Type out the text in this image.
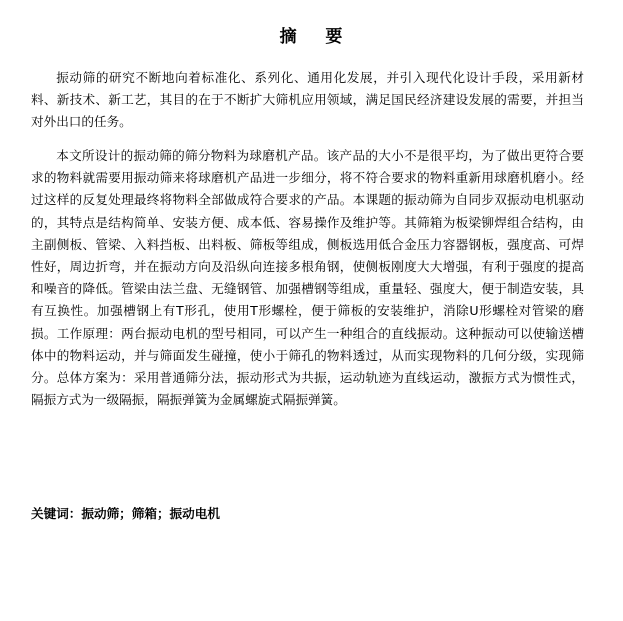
摘    要

振动筛的研究不断地向着标准化、系列化、通用化发展，并引入现代化设计手段，采用新材料、新技术、新工艺，其目的在于不断扩大筛机应用领域，满足国民经济建设发展的需要，并担当对外出口的任务。

本文所设计的振动筛的筛分物料为球磨机产品。该产品的大小不是很平均，为了做出更符合要求的物料就需要用振动筛来将球磨机产品进一步细分，将不符合要求的物料重新用球磨机磨小。经过这样的反复处理最终将物料全部做成符合要求的产品。本课题的振动筛为自同步双振动电机驱动的，其特点是结构简单、安装方便、成本低、容易操作及维护等。其筛箱为板梁铆焊组合结构，由主副侧板、管梁、入料挡板、出料板、筛板等组成，侧板选用低合金压力容器钢板，强度高、可焊性好，周边折弯，并在振动方向及沿纵向连接多根角钢，使侧板刚度大大增强，有利于强度的提高和噪音的降低。管梁由法兰盘、无缝钢管、加强槽钢等组成，重量轻、强度大，便于制造安装，具有互换性。加强槽钢上有T形孔，使用T形螺栓，便于筛板的安装维护，消除U形螺栓对管梁的磨损。工作原理：两台振动电机的型号相同，可以产生一种组合的直线振动。这种振动可以使输送槽体中的物料运动，并与筛面发生碰撞，使小于筛孔的物料透过，从而实现物料的几何分级，实现筛分。总体方案为：采用普通筛分法，振动形式为共振，运动轨迹为直线运动，激振方式为惯性式，隔振方式为一级隔振，隔振弹簧为金属螺旋式隔振弹簧。

关键词：振动筛；筛箱；振动电机
